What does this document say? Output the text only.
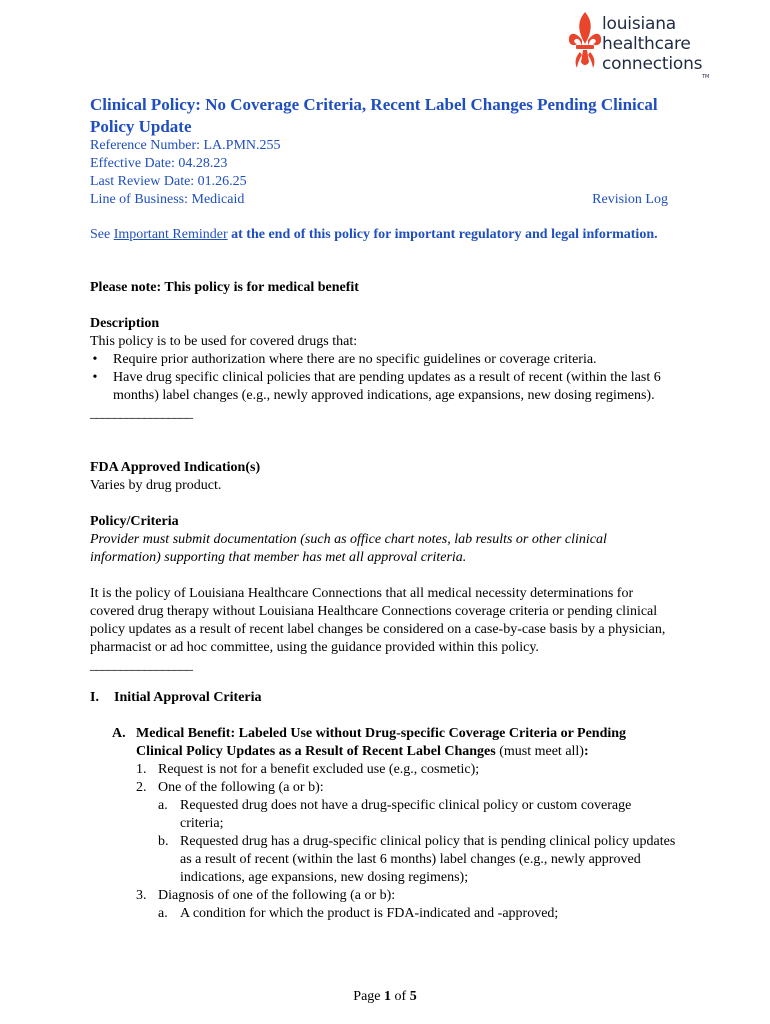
louisiana
healthcare
connections
TM
Clinical Policy: No Coverage Criteria, Recent Label Changes Pending Clinical Policy Update
Reference Number: LA.PMN.255
Effective Date: 04.28.23
Last Review Date: 01.26.25
Line of Business: Medicaid	Revision Log
See Important Reminder at the end of this policy for important regulatory and legal information.
Please note: This policy is for medical benefit
Description
This policy is to be used for covered drugs that:
• Require prior authorization where there are no specific guidelines or coverage criteria.
• Have drug specific clinical policies that are pending updates as a result of recent (within the last 6 months) label changes (e.g., newly approved indications, age expansions, new dosing regimens).
_________________
FDA Approved Indication(s)
Varies by drug product.
Policy/Criteria
Provider must submit documentation (such as office chart notes, lab results or other clinical information) supporting that member has met all approval criteria.
It is the policy of Louisiana Healthcare Connections that all medical necessity determinations for covered drug therapy without Louisiana Healthcare Connections coverage criteria or pending clinical policy updates as a result of recent label changes be considered on a case-by-case basis by a physician, pharmacist or ad hoc committee, using the guidance provided within this policy.
_________________
I. Initial Approval Criteria
A. Medical Benefit: Labeled Use without Drug-specific Coverage Criteria or Pending Clinical Policy Updates as a Result of Recent Label Changes (must meet all):
1. Request is not for a benefit excluded use (e.g., cosmetic);
2. One of the following (a or b):
a. Requested drug does not have a drug-specific clinical policy or custom coverage criteria;
b. Requested drug has a drug-specific clinical policy that is pending clinical policy updates as a result of recent (within the last 6 months) label changes (e.g., newly approved indications, age expansions, new dosing regimens);
3. Diagnosis of one of the following (a or b):
a. A condition for which the product is FDA-indicated and -approved;
Page 1 of 5
